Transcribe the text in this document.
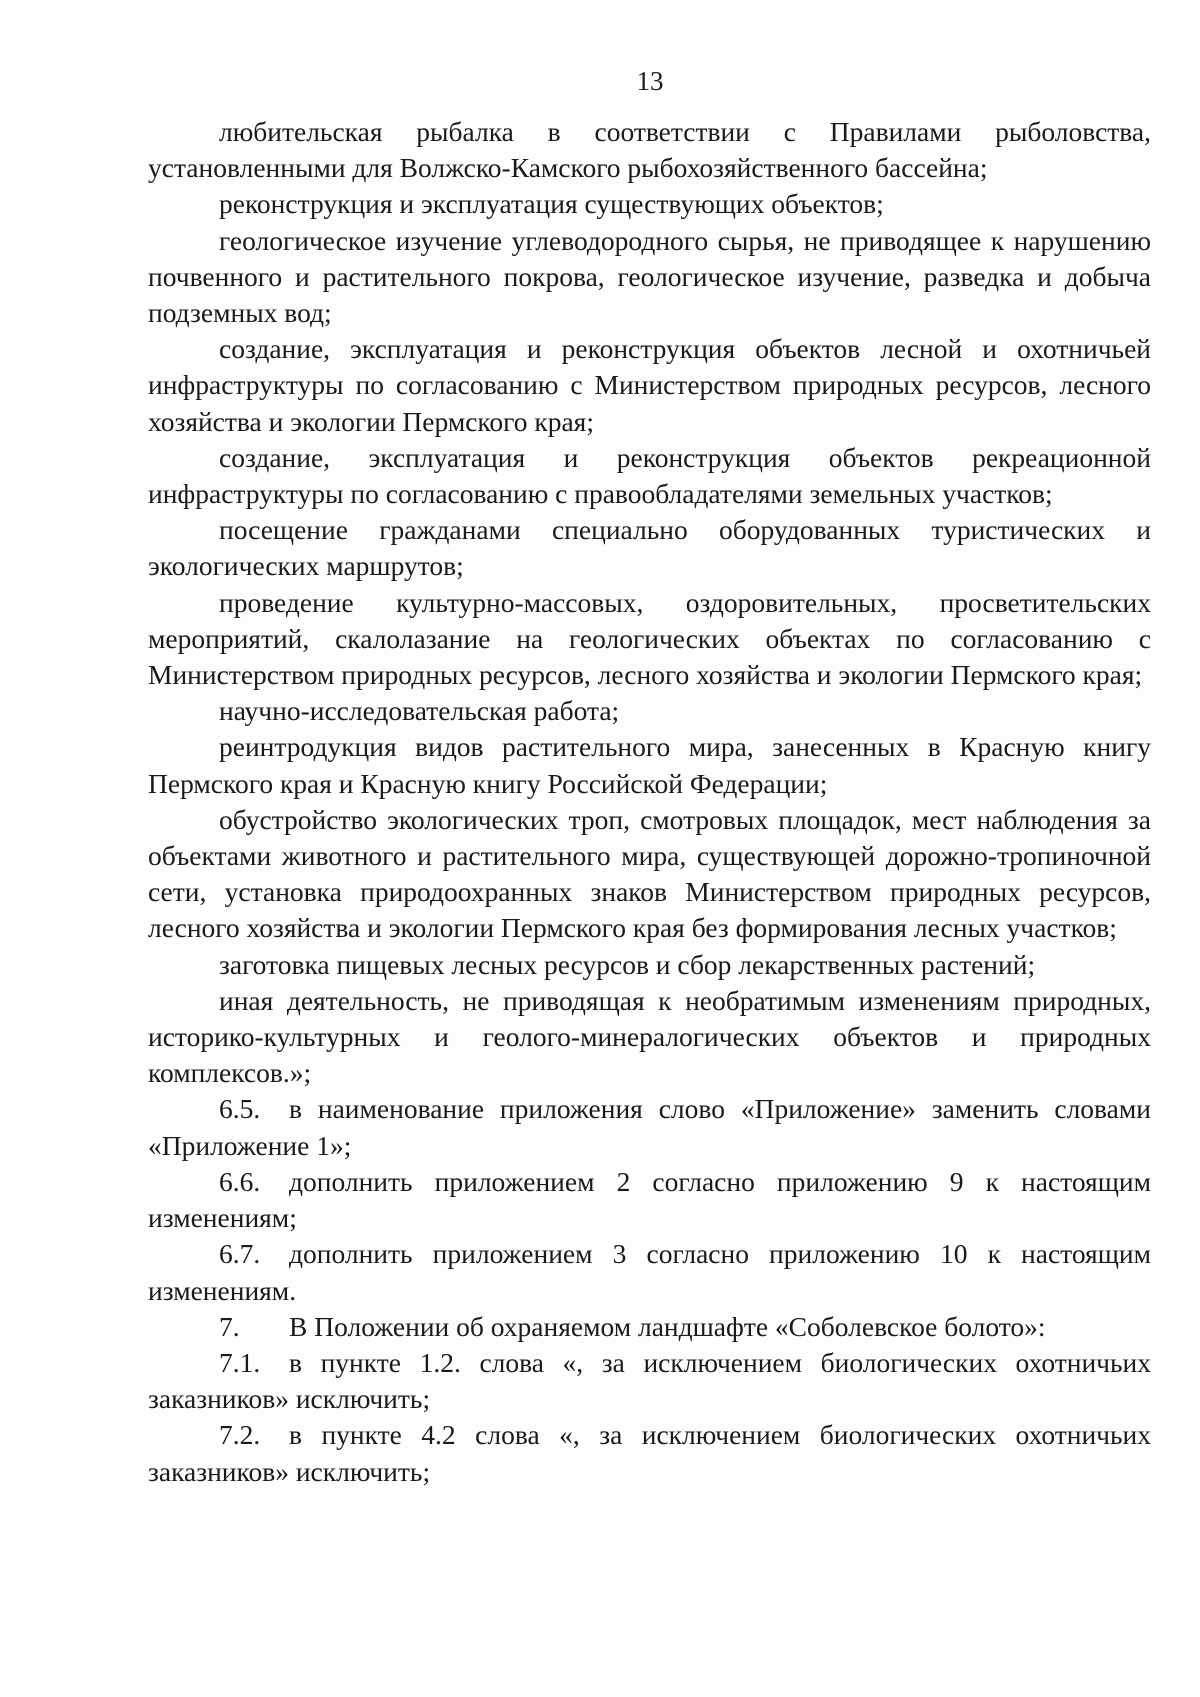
13

любительская рыбалка в соответствии с Правилами рыболовства, установленными для Волжско-Камского рыбохозяйственного бассейна;

реконструкция и эксплуатация существующих объектов;

геологическое изучение углеводородного сырья, не приводящее к нарушению почвенного и растительного покрова, геологическое изучение, разведка и добыча подземных вод;

создание, эксплуатация и реконструкция объектов лесной и охотничьей инфраструктуры по согласованию с Министерством природных ресурсов, лесного хозяйства и экологии Пермского края;

создание, эксплуатация и реконструкция объектов рекреационной инфраструктуры по согласованию с правообладателями земельных участков;

посещение гражданами специально оборудованных туристических и экологических маршрутов;

проведение культурно-массовых, оздоровительных, просветительских мероприятий, скалолазание на геологических объектах по согласованию с Министерством природных ресурсов, лесного хозяйства и экологии Пермского края;

научно-исследовательская работа;

реинтродукция видов растительного мира, занесенных в Красную книгу Пермского края и Красную книгу Российской Федерации;

обустройство экологических троп, смотровых площадок, мест наблюдения за объектами животного и растительного мира, существующей дорожно-тропиночной сети, установка природоохранных знаков Министерством природных ресурсов, лесного хозяйства и экологии Пермского края без формирования лесных участков;

заготовка пищевых лесных ресурсов и сбор лекарственных растений;

иная деятельность, не приводящая к необратимым изменениям природных, историко-культурных и геолого-минералогических объектов и природных комплексов.»;

6.5. в наименование приложения слово «Приложение» заменить словами «Приложение 1»;

6.6. дополнить приложением 2 согласно приложению 9 к настоящим изменениям;

6.7. дополнить приложением 3 согласно приложению 10 к настоящим изменениям.

7. В Положении об охраняемом ландшафте «Соболевское болото»:

7.1. в пункте 1.2. слова «, за исключением биологических охотничьих заказников» исключить;

7.2. в пункте 4.2 слова «, за исключением биологических охотничьих заказников» исключить;
